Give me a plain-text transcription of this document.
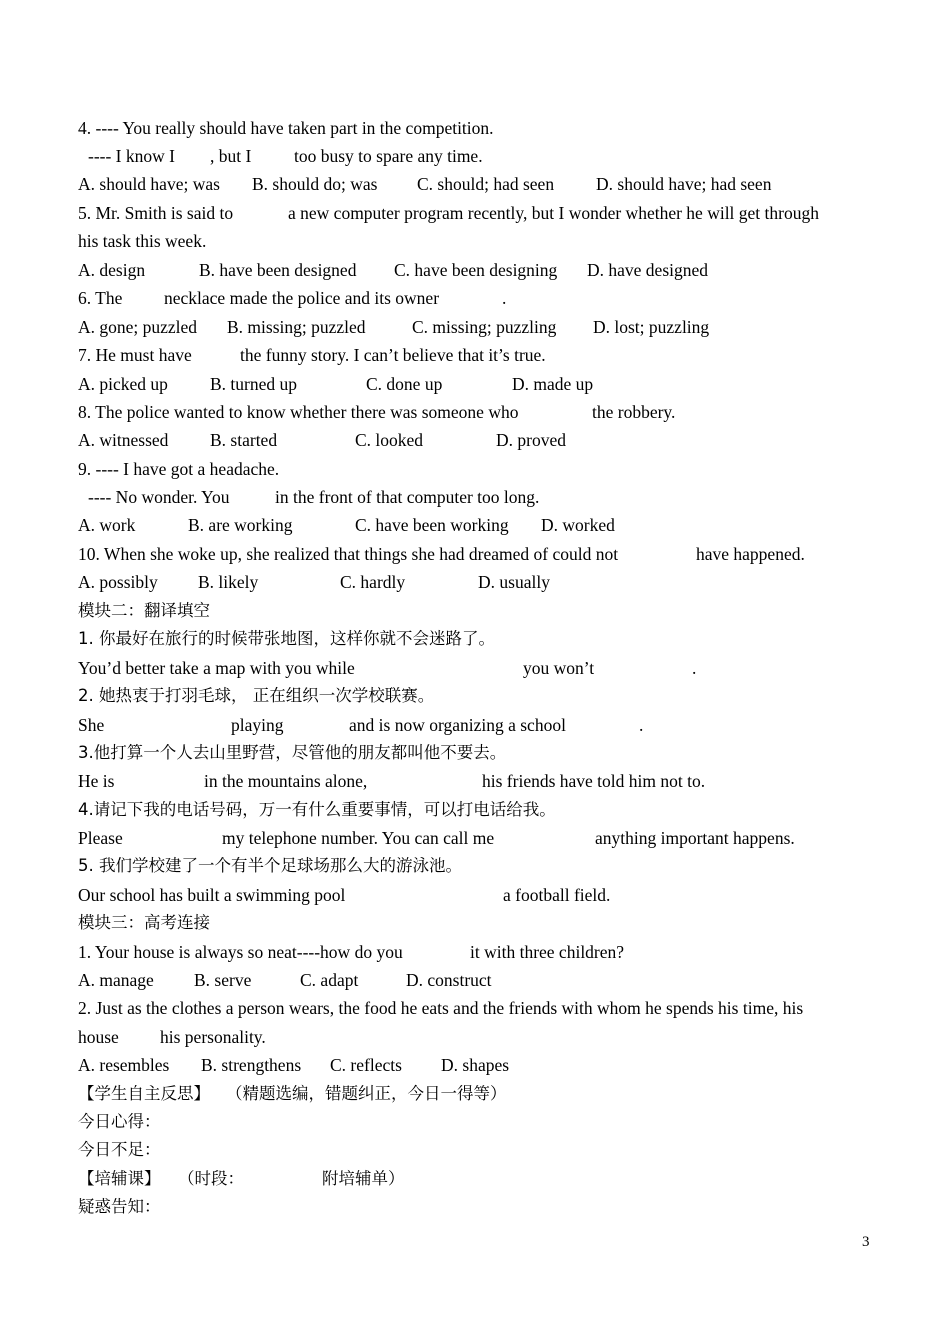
4. ---- You really should have taken part in the competition.

---- I know I

, but I

too busy to spare any time.

A. should have; was

B. should do; was

C. should; had seen

D. should have; had seen

5. Mr. Smith is said to

	a new computer program recently, but I wonder whether he will get through

his task this week.

A. design

	B. have been designed

C. have been designing

D. have designed

6. The

necklace made the police and its owner

	.

A. gone; puzzled

B. missing; puzzled

	C. missing; puzzling

D. lost; puzzling

7. He must have

	the funny story. I can’t believe that it’s true.

A. picked up

B. turned up

	C. done up

	D. made up

8. The police wanted to know whether there was someone who

	the robbery.

A. witnessed

B. started

	C. looked

	D. proved

9. ---- I have got a headache.

---- No wonder. You

	in the front of that computer too long.

A. work

	B. are working

	C. have been working

D. worked

10. When she woke up, she realized that things she had dreamed of could not

	have happened.

A. possibly

B. likely

	C. hardly

	D. usually

模块二：翻译填空

1. 你最好在旅行的时候带张地图，这样你就不会迷路了。

You’d better take a map with you while

	you won’t

	.

2. 她热衷于打羽毛球， 正在组织一次学校联赛。

She

	playing

	and is now organizing a school

	.

3.他打算一个人去山里野营，尽管他的朋友都叫他不要去。

He is

	in the mountains alone,

	his friends have told him not to.

4.请记下我的电话号码，万一有什么重要事情，可以打电话给我。

Please

	my telephone number. You can call me

	anything important happens.

5. 我们学校建了一个有半个足球场那么大的游泳池。

Our school has built a swimming pool

	a football field.

模块三：高考连接

1. Your house is always so neat----how do you

	it with three children?

A. manage

B. serve

	C. adapt

	D. construct

2. Just as the clothes a person wears, the food he eats and the friends with whom he spends his time, his

house

his personality.

A. resembles

B. strengthens

C. reflects

D. shapes

【学生自主反思】

（精题选编，错题纠正，今日一得等）

今日心得：

今日不足：

【培辅课】

（时段：

	附培辅单）

疑惑告知：

3
